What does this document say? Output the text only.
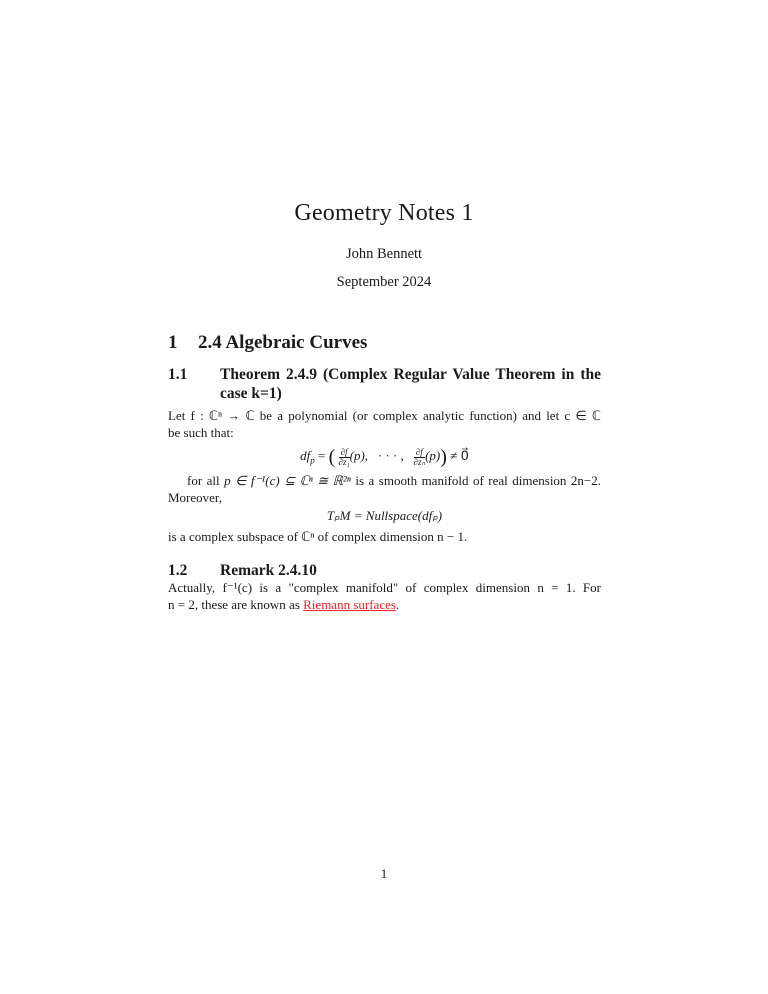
Geometry Notes 1
John Bennett
September 2024
1 2.4 Algebraic Curves
1.1 Theorem 2.4.9 (Complex Regular Value Theorem in the case k=1)
Let f : ℂⁿ → ℂ be a polynomial (or complex analytic function) and let c ∈ ℂ
be such that:
$df_p$ = ( $\frac{\partial f}{\text{∂z₁}} (p)$, · · · , $\frac{\partial f}{\text{∂zₙ}} (p)$) ≠ 0⃗
for all p ∈ f⁻¹(c) ⊆ ℂⁿ ≅ ℝ²ⁿ is a smooth manifold of real dimension 2n−2.
Moreover,
TₚM = Nullspace(dfₚ)
is a complex subspace of ℂⁿ of complex dimension n − 1.
1.2 Remark 2.4.10
Actually, f⁻¹(c) is a "complex manifold" of complex dimension n = 1. For
n = 2, these are known as Riemann surfaces.
1
